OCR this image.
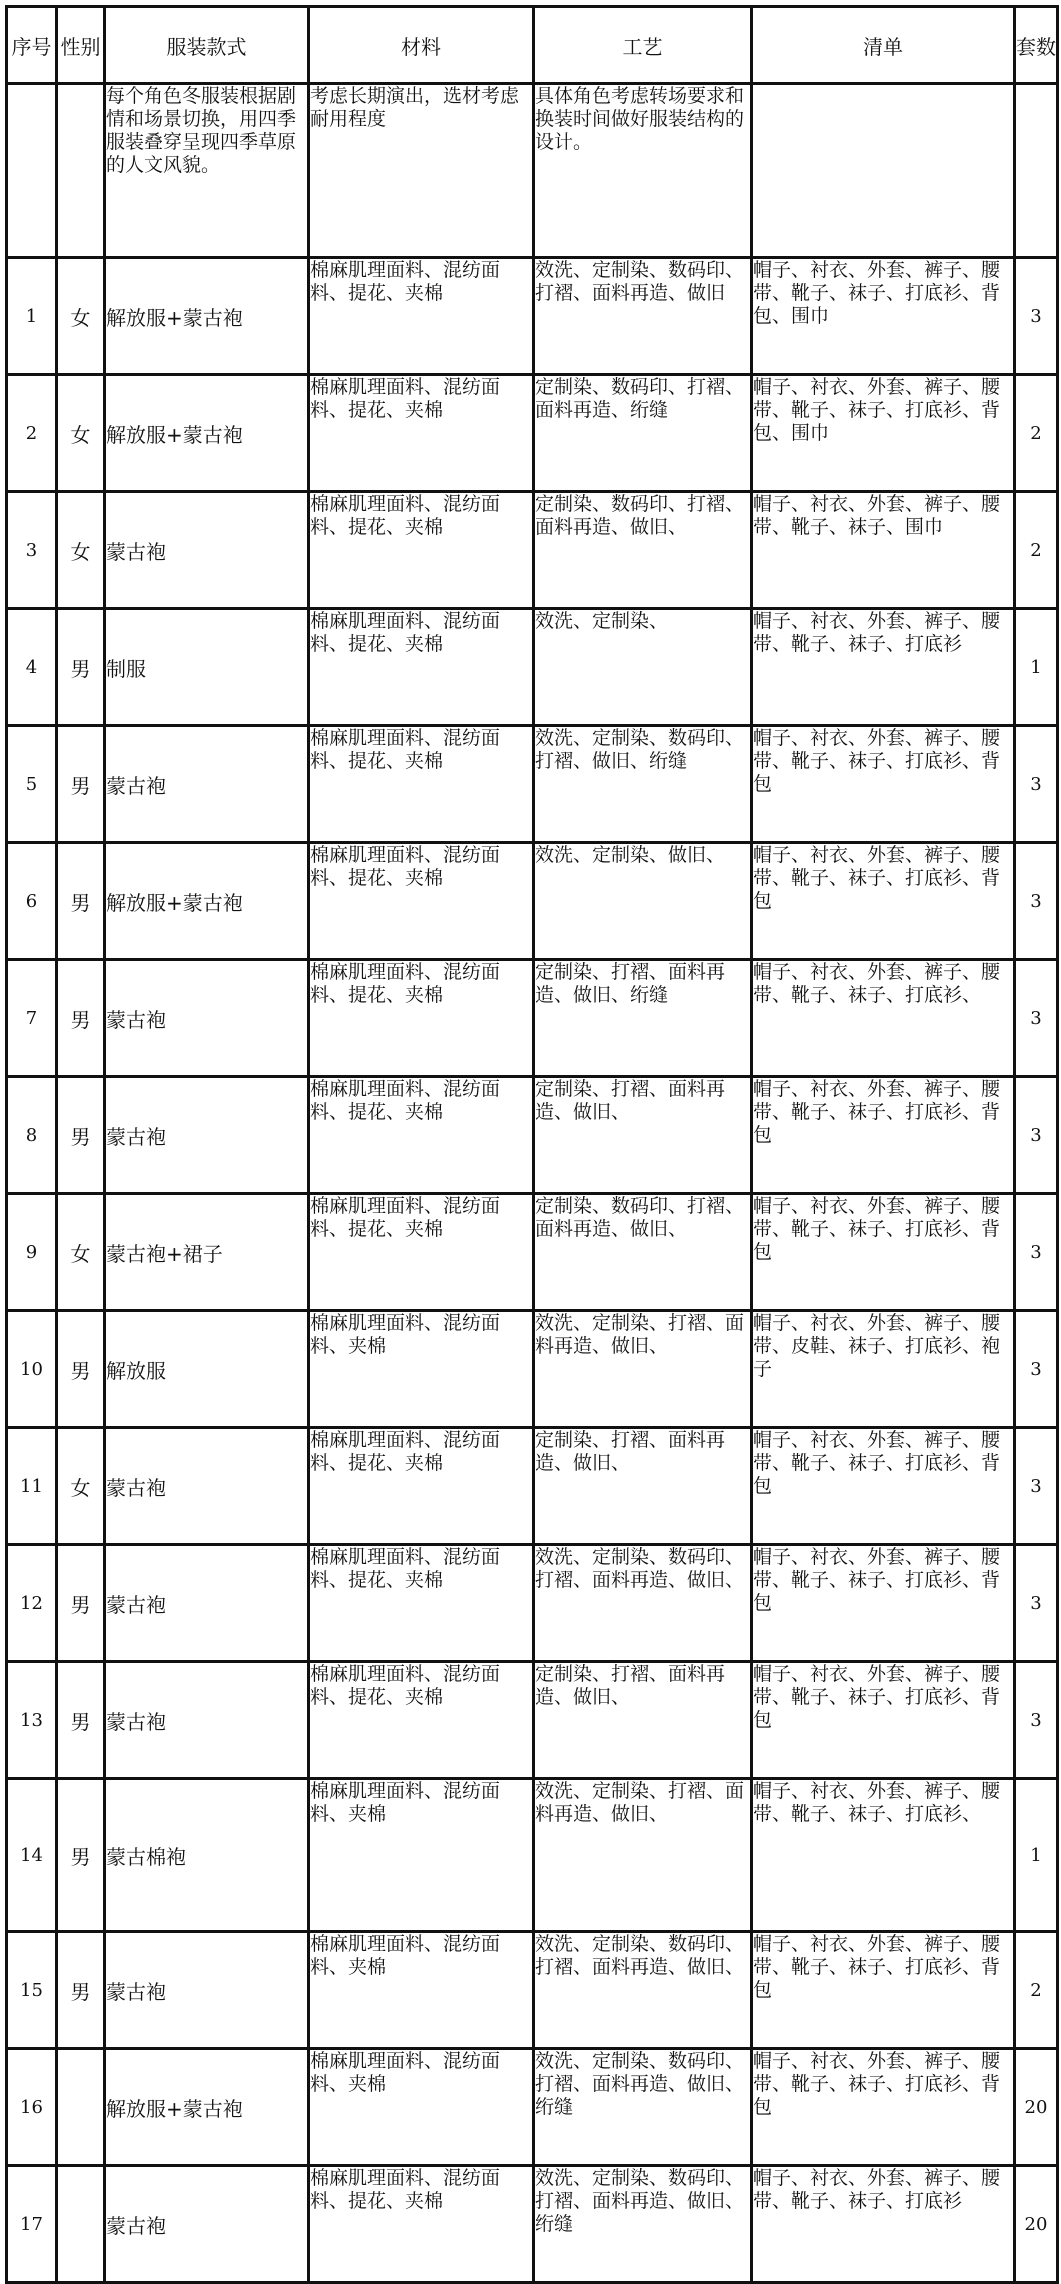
序号	性别	服装款式	材料	工艺	清单	套数
		每个角色冬服装根据剧情和场景切换，用四季服装叠穿呈现四季草原的人文风貌。	考虑长期演出，选材考虑耐用程度	具体角色考虑转场要求和换装时间做好服装结构的设计。		
1	女	解放服+蒙古袍	棉麻肌理面料、混纺面料、提花、夹棉	效洗、定制染、数码印、打褶、面料再造、做旧	帽子、衬衣、外套、裤子、腰带、靴子、袜子、打底衫、背包、围巾	3
2	女	解放服+蒙古袍	棉麻肌理面料、混纺面料、提花、夹棉	定制染、数码印、打褶、面料再造、绗缝	帽子、衬衣、外套、裤子、腰带、靴子、袜子、打底衫、背包、围巾	2
3	女	蒙古袍	棉麻肌理面料、混纺面料、提花、夹棉	定制染、数码印、打褶、面料再造、做旧、	帽子、衬衣、外套、裤子、腰带、靴子、袜子、围巾	2
4	男	制服	棉麻肌理面料、混纺面料、提花、夹棉	效洗、定制染、	帽子、衬衣、外套、裤子、腰带、靴子、袜子、打底衫	1
5	男	蒙古袍	棉麻肌理面料、混纺面料、提花、夹棉	效洗、定制染、数码印、打褶、做旧、绗缝	帽子、衬衣、外套、裤子、腰带、靴子、袜子、打底衫、背包	3
6	男	解放服+蒙古袍	棉麻肌理面料、混纺面料、提花、夹棉	效洗、定制染、做旧、	帽子、衬衣、外套、裤子、腰带、靴子、袜子、打底衫、背包	3
7	男	蒙古袍	棉麻肌理面料、混纺面料、提花、夹棉	定制染、打褶、面料再造、做旧、绗缝	帽子、衬衣、外套、裤子、腰带、靴子、袜子、打底衫、	3
8	男	蒙古袍	棉麻肌理面料、混纺面料、提花、夹棉	定制染、打褶、面料再造、做旧、	帽子、衬衣、外套、裤子、腰带、靴子、袜子、打底衫、背包	3
9	女	蒙古袍+裙子	棉麻肌理面料、混纺面料、提花、夹棉	定制染、数码印、打褶、面料再造、做旧、	帽子、衬衣、外套、裤子、腰带、靴子、袜子、打底衫、背包	3
10	男	解放服	棉麻肌理面料、混纺面料、夹棉	效洗、定制染、打褶、面料再造、做旧、	帽子、衬衣、外套、裤子、腰带、皮鞋、袜子、打底衫、袍子	3
11	女	蒙古袍	棉麻肌理面料、混纺面料、提花、夹棉	定制染、打褶、面料再造、做旧、	帽子、衬衣、外套、裤子、腰带、靴子、袜子、打底衫、背包	3
12	男	蒙古袍	棉麻肌理面料、混纺面料、提花、夹棉	效洗、定制染、数码印、打褶、面料再造、做旧、	帽子、衬衣、外套、裤子、腰带、靴子、袜子、打底衫、背包	3
13	男	蒙古袍	棉麻肌理面料、混纺面料、提花、夹棉	定制染、打褶、面料再造、做旧、	帽子、衬衣、外套、裤子、腰带、靴子、袜子、打底衫、背包	3
14	男	蒙古棉袍	棉麻肌理面料、混纺面料、夹棉	效洗、定制染、打褶、面料再造、做旧、	帽子、衬衣、外套、裤子、腰带、靴子、袜子、打底衫、	1
15	男	蒙古袍	棉麻肌理面料、混纺面料、夹棉	效洗、定制染、数码印、打褶、面料再造、做旧、	帽子、衬衣、外套、裤子、腰带、靴子、袜子、打底衫、背包	2
16		解放服+蒙古袍	棉麻肌理面料、混纺面料、夹棉	效洗、定制染、数码印、打褶、面料再造、做旧、绗缝	帽子、衬衣、外套、裤子、腰带、靴子、袜子、打底衫、背包	20
17		蒙古袍	棉麻肌理面料、混纺面料、提花、夹棉	效洗、定制染、数码印、打褶、面料再造、做旧、绗缝	帽子、衬衣、外套、裤子、腰带、靴子、袜子、打底衫	20
